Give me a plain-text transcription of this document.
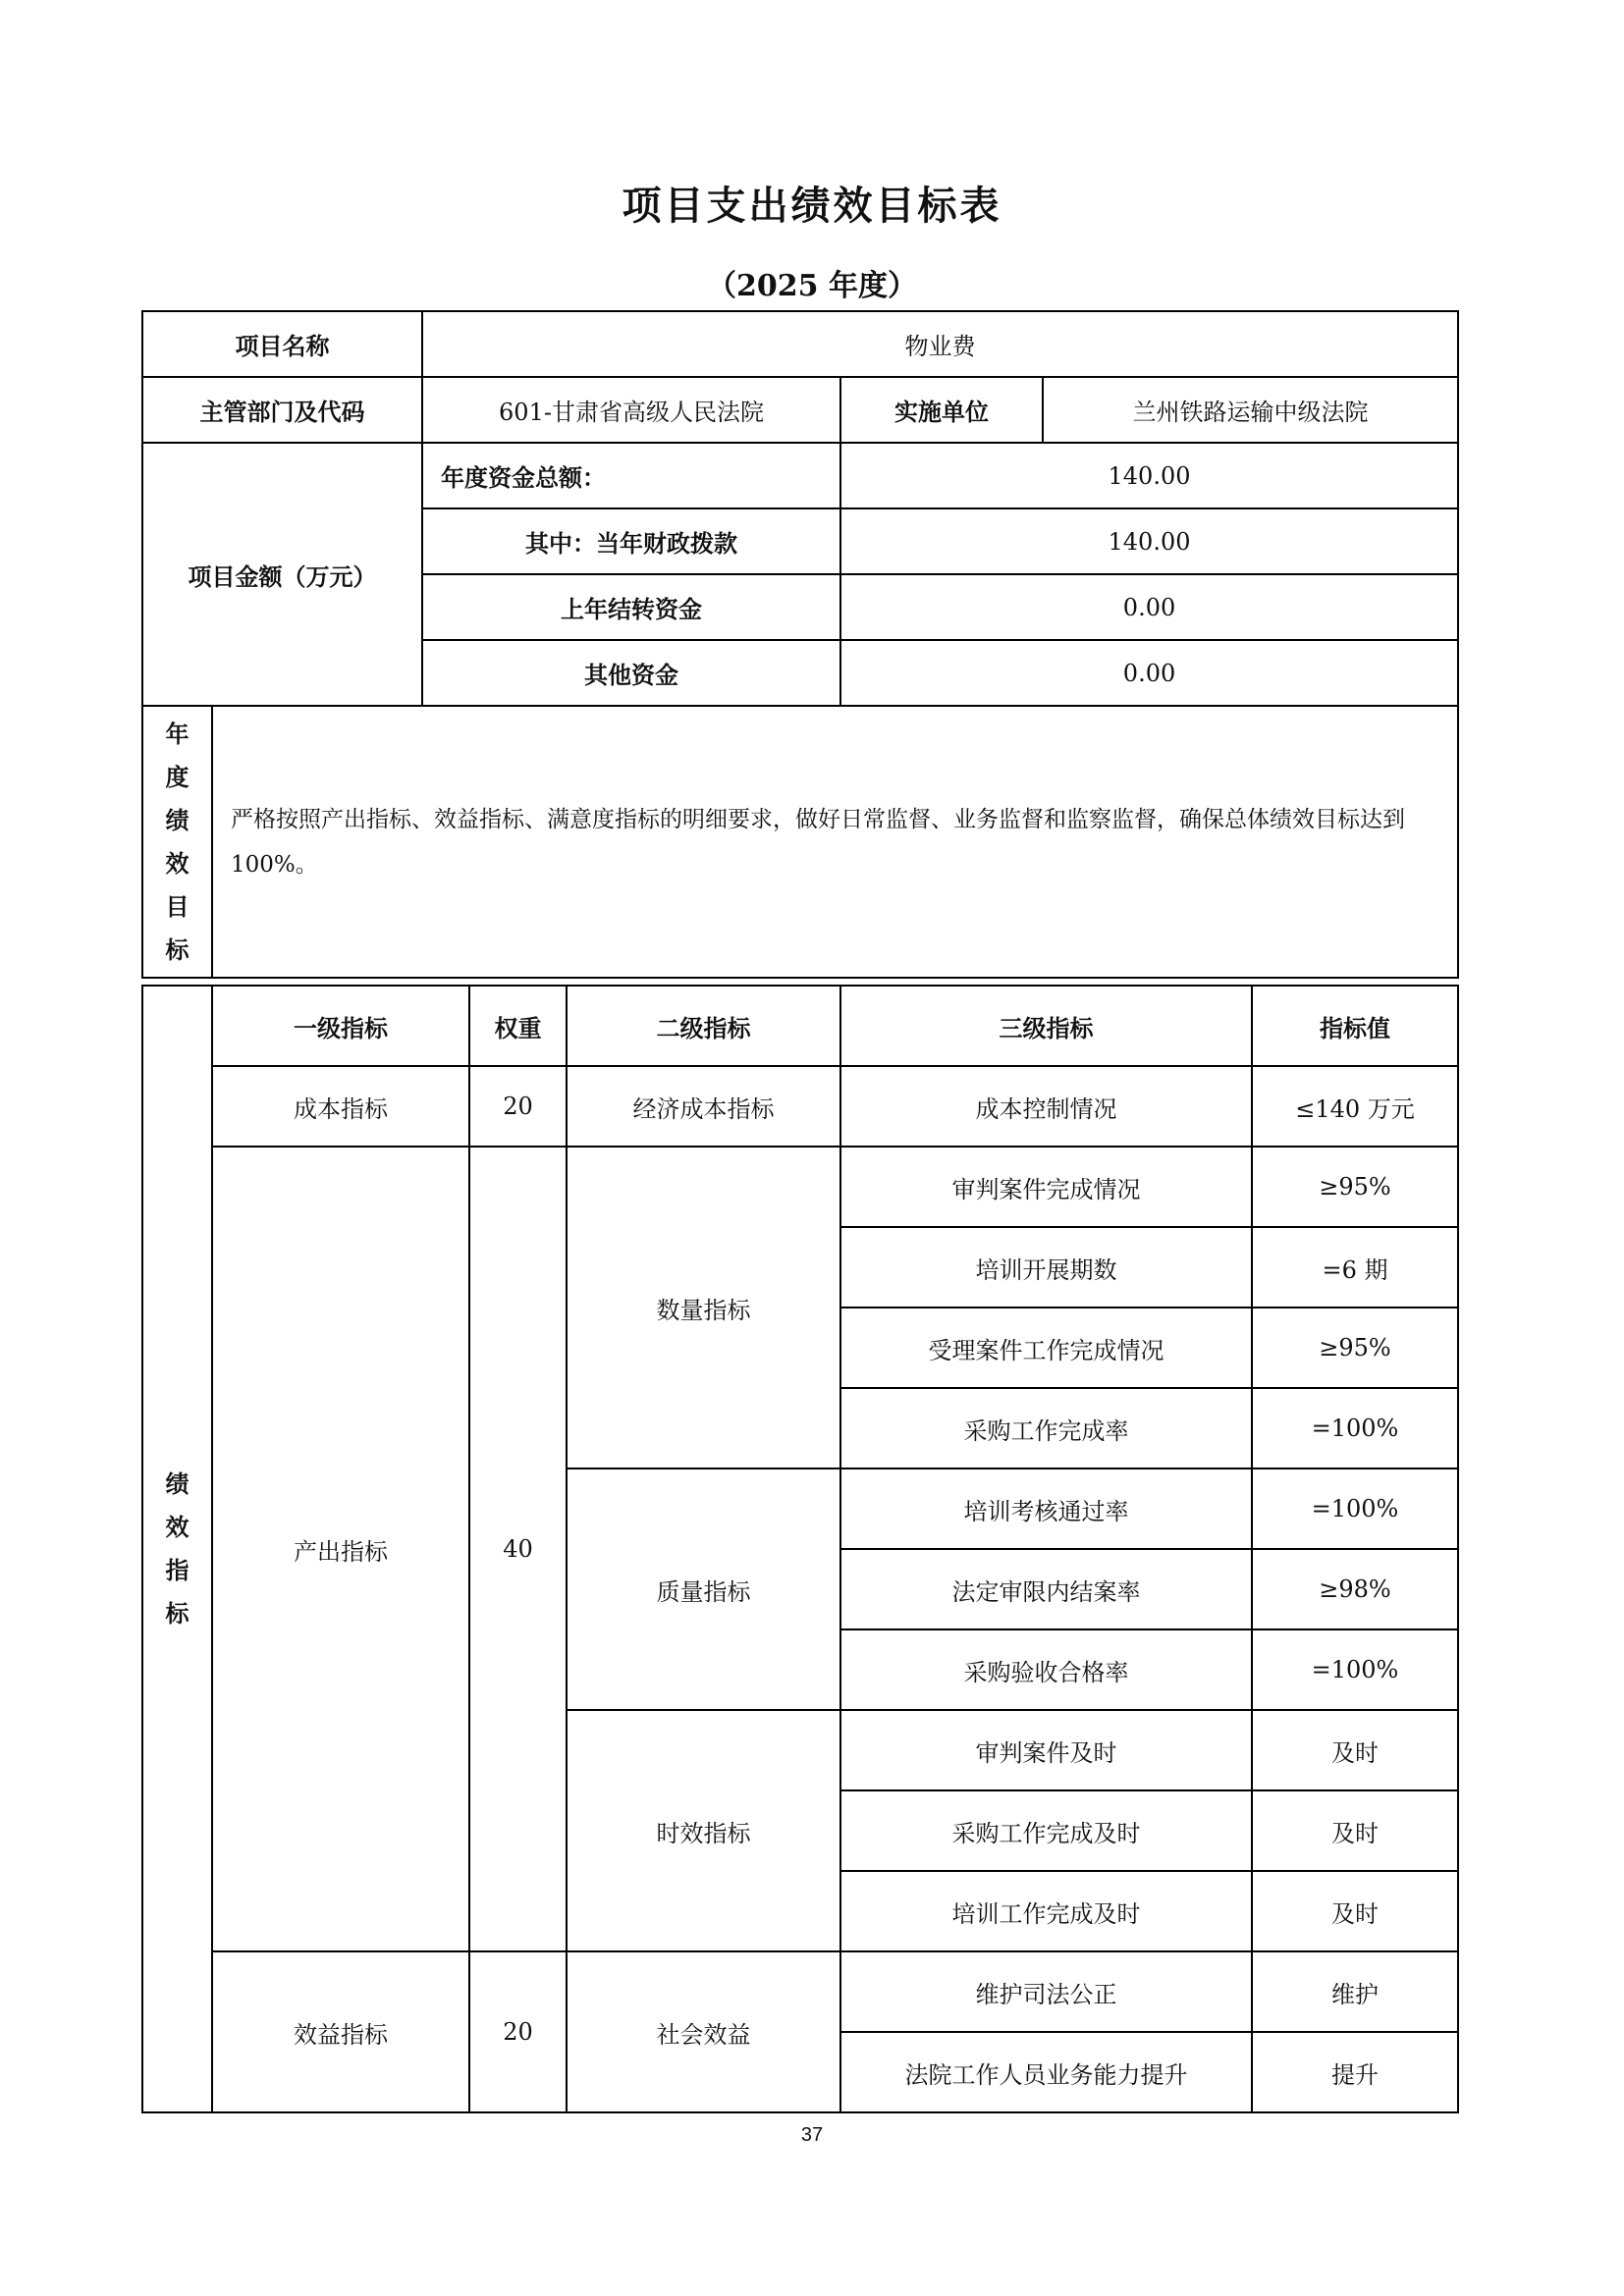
项目支出绩效目标表
（2025 年度）
项目名称		物业费		
主管部门及代码		601-甘肃省高级人民法院	实施单位	兰州铁路运输中级法院
项目金额（万元）		年度资金总额：	140.00	
		其中：当年财政拨款	140.00	
		上年结转资金	0.00	
		其他资金	0.00	

年度绩效目标	严格按照产出指标、效益指标、满意度指标的明细要求，做好日常监督、业务监督和监察监督，确保总体绩效目标达到100%。			
绩效指标	一级指标	权重	二级指标	三级指标	指标值
	成本指标	20	经济成本指标	成本控制情况	≤140 万元
	产出指标	40	数量指标	审判案件完成情况	≥95%
				培训开展期数	=6 期
				受理案件工作完成情况	≥95%
				采购工作完成率	=100%
			质量指标	培训考核通过率	=100%
				法定审限内结案率	≥98%
				采购验收合格率	=100%
			时效指标	审判案件及时	及时
				采购工作完成及时	及时
				培训工作完成及时	及时
	效益指标	20	社会效益	维护司法公正	维护
				法院工作人员业务能力提升	提升
37
